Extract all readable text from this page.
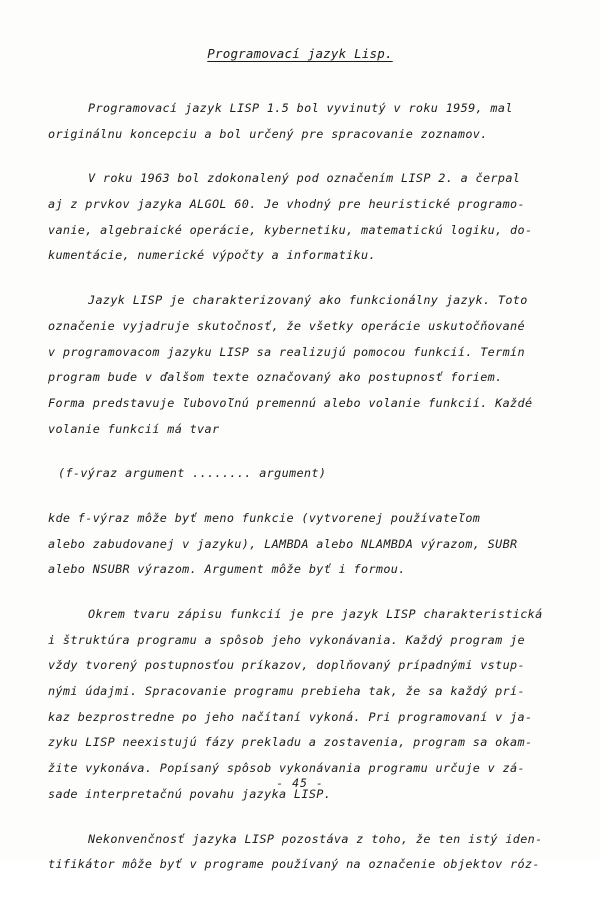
Programovací jazyk Lisp.
Programovací jazyk LISP 1.5 bol vyvinutý v roku 1959, mal
originálnu koncepciu a bol určený pre spracovanie zoznamov.
V roku 1963 bol zdokonalený pod označením LISP 2. a čerpal
aj z prvkov jazyka ALGOL 60. Je vhodný pre heuristické programo-
vanie, algebraické operácie, kybernetiku, matematickú logiku, do-
kumentácie, numerické výpočty a informatiku.
Jazyk LISP je charakterizovaný ako funkcionálny jazyk. Toto
označenie vyjadruje skutočnosť, že všetky operácie uskutočňované
v programovacom jazyku LISP sa realizujú pomocou funkcií. Termín
program bude v ďalšom texte označovaný ako postupnosť foriem.
Forma predstavuje ľubovoľnú premennú alebo volanie funkcií. Každé
volanie funkcií má tvar
(f-výraz argument ........ argument)
kde f-výraz môže byť meno funkcie (vytvorenej používateľom
alebo zabudovanej v jazyku), LAMBDA alebo NLAMBDA výrazom, SUBR
alebo NSUBR výrazom. Argument môže byť i formou.
Okrem tvaru zápisu funkcií je pre jazyk LISP charakteristická
i štruktúra programu a spôsob jeho vykonávania. Každý program je
vždy tvorený postupnosťou príkazov, doplňovaný prípadnými vstup-
nými údajmi. Spracovanie programu prebieha tak, že sa každý prí-
kaz bezprostredne po jeho načítaní vykoná. Pri programovaní v ja-
zyku LISP neexistujú fázy prekladu a zostavenia, program sa okam-
žite vykonáva. Popísaný spôsob vykonávania programu určuje v zá-
sade interpretačnú povahu jazyka LISP.
Nekonvenčnosť jazyka LISP pozostáva z toho, že ten istý iden-
tifikátor môže byť v programe používaný na označenie objektov róz-
- 45 -
